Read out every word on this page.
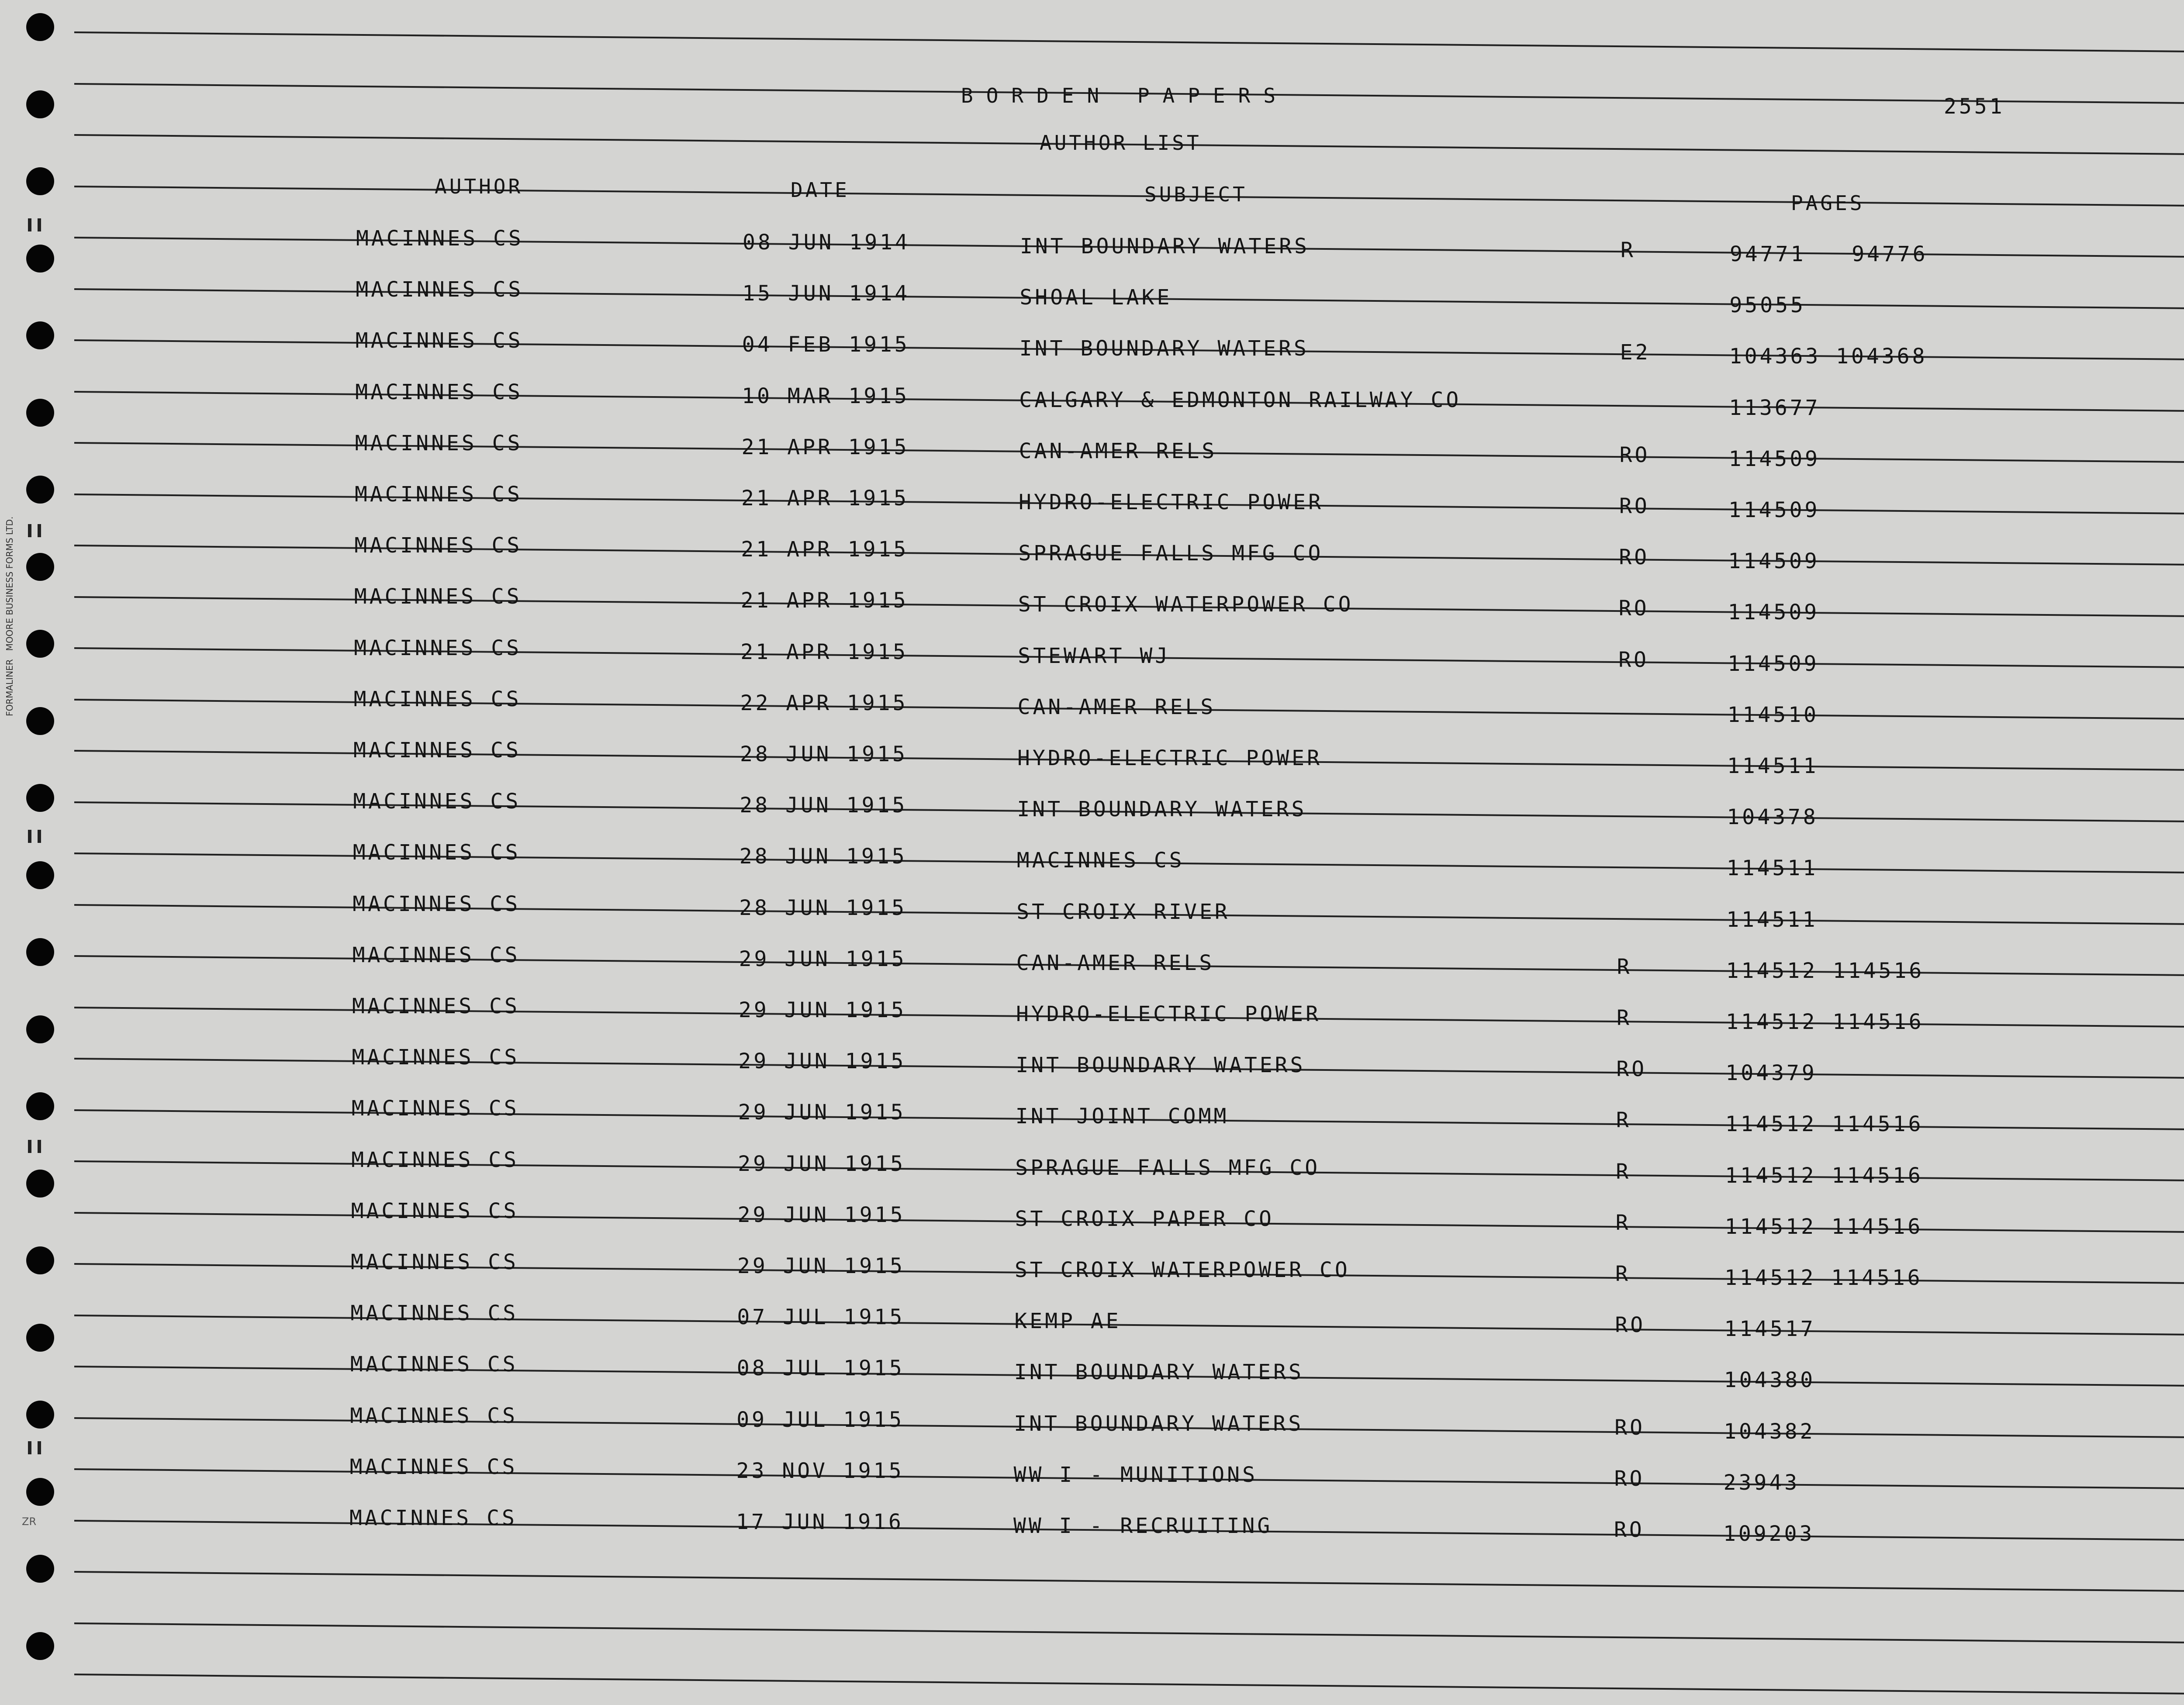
FORMALINER   MOORE BUSINESS FORMS LTD.
ZR
BORDEN PAPERS	2551
AUTHOR LIST
AUTHOR	DATE	SUBJECT	PAGES
MACINNES CS	08 JUN 1914	INT BOUNDARY WATERS	R	94771   94776
MACINNES CS	15 JUN 1914	SHOAL LAKE	95055
MACINNES CS	04 FEB 1915	INT BOUNDARY WATERS	E2	104363 104368
MACINNES CS	10 MAR 1915	CALGARY & EDMONTON RAILWAY CO	113677
MACINNES CS	21 APR 1915	CAN-AMER RELS	RO	114509
MACINNES CS	21 APR 1915	HYDRO-ELECTRIC POWER	RO	114509
MACINNES CS	21 APR 1915	SPRAGUE FALLS MFG CO	RO	114509
MACINNES CS	21 APR 1915	ST CROIX WATERPOWER CO	RO	114509
MACINNES CS	21 APR 1915	STEWART WJ	RO	114509
MACINNES CS	22 APR 1915	CAN-AMER RELS	114510
MACINNES CS	28 JUN 1915	HYDRO-ELECTRIC POWER	114511
MACINNES CS	28 JUN 1915	INT BOUNDARY WATERS	104378
MACINNES CS	28 JUN 1915	MACINNES CS	114511
MACINNES CS	28 JUN 1915	ST CROIX RIVER	114511
MACINNES CS	29 JUN 1915	CAN-AMER RELS	R	114512 114516
MACINNES CS	29 JUN 1915	HYDRO-ELECTRIC POWER	R	114512 114516
MACINNES CS	29 JUN 1915	INT BOUNDARY WATERS	RO	104379
MACINNES CS	29 JUN 1915	INT JOINT COMM	R	114512 114516
MACINNES CS	29 JUN 1915	SPRAGUE FALLS MFG CO	R	114512 114516
MACINNES CS	29 JUN 1915	ST CROIX PAPER CO	R	114512 114516
MACINNES CS	29 JUN 1915	ST CROIX WATERPOWER CO	R	114512 114516
MACINNES CS	07 JUL 1915	KEMP AE	RO	114517
MACINNES CS	08 JUL 1915	INT BOUNDARY WATERS	104380
MACINNES CS	09 JUL 1915	INT BOUNDARY WATERS	RO	104382
MACINNES CS	23 NOV 1915	WW I - MUNITIONS	RO	23943
MACINNES CS	17 JUN 1916	WW I - RECRUITING	RO	109203
